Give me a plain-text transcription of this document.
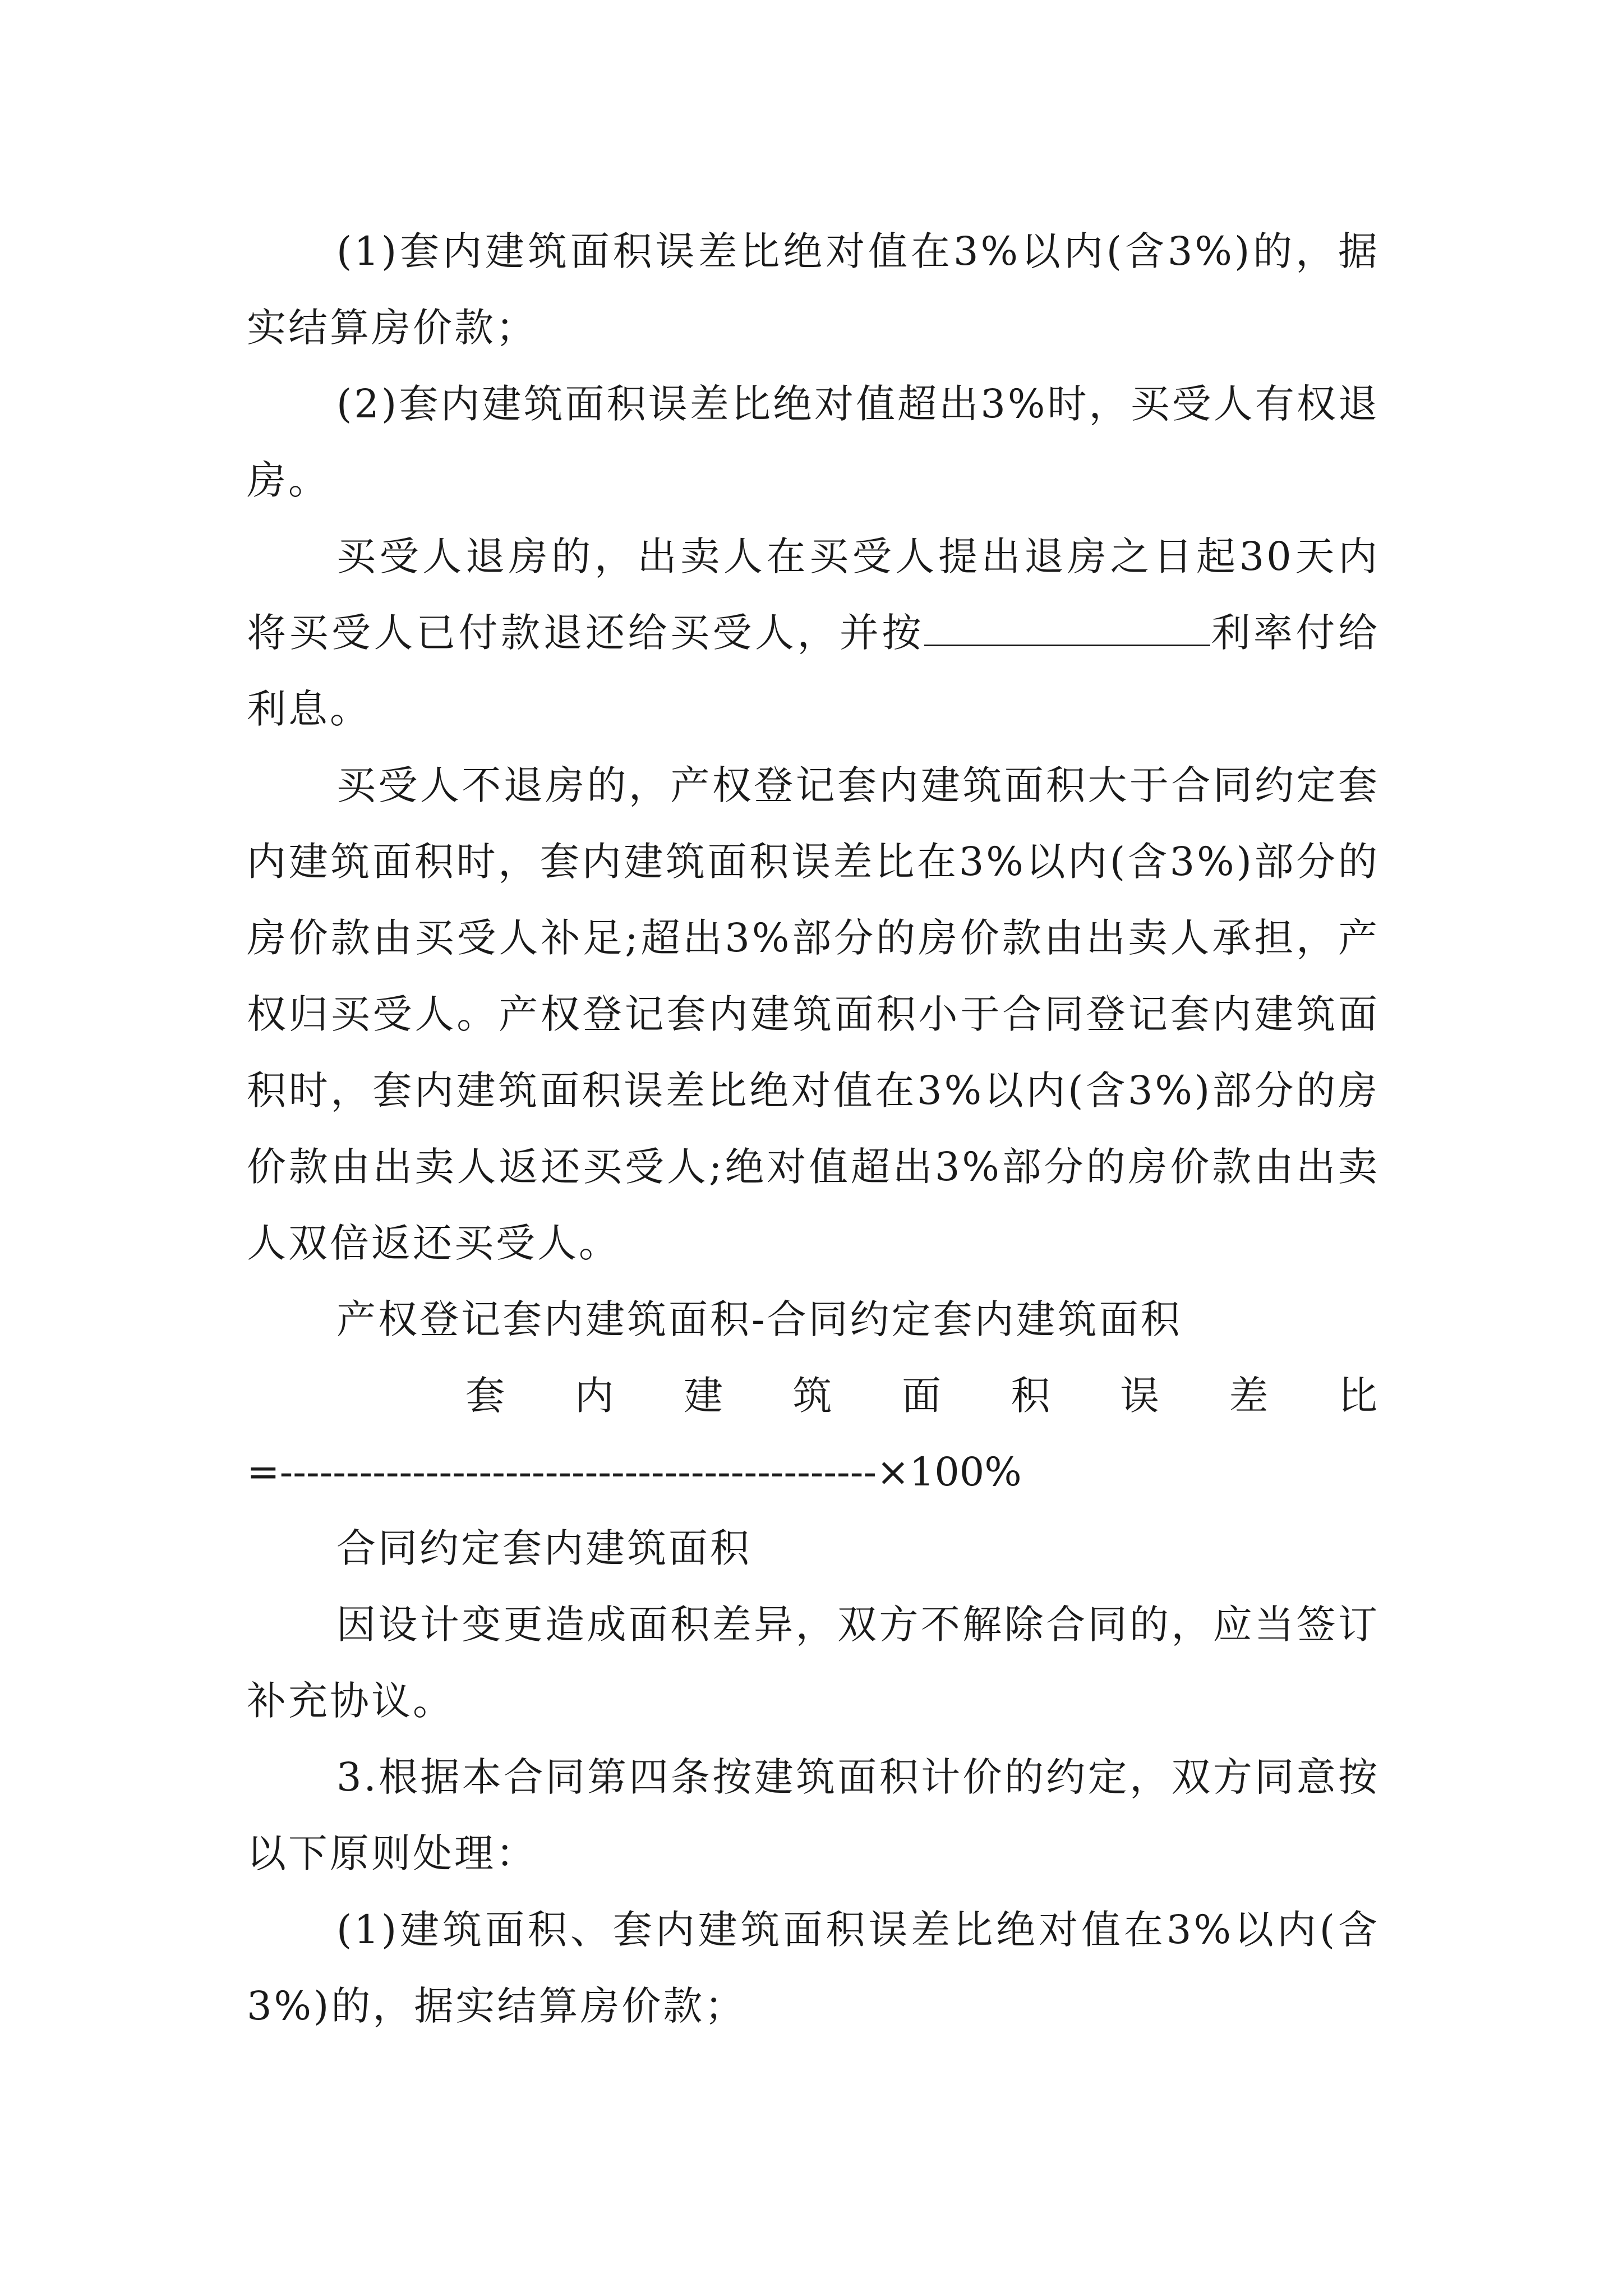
(1)套内建筑面积误差比绝对值在3%以内(含3%)的，据实结算房价款；

(2)套内建筑面积误差比绝对值超出3%时，买受人有权退房。

买受人退房的，出卖人在买受人提出退房之日起30天内将买受人已付款退还给买受人，并按	利率付给利息。

买受人不退房的，产权登记套内建筑面积大于合同约定套内建筑面积时，套内建筑面积误差比在3%以内(含3%)部分的房价款由买受人补足;超出3%部分的房价款由出卖人承担，产权归买受人。产权登记套内建筑面积小于合同登记套内建筑面积时，套内建筑面积误差比绝对值在3%以内(含3%)部分的房价款由出卖人返还买受人;绝对值超出3%部分的房价款由出卖人双倍返还买受人。

产权登记套内建筑面积-合同约定套内建筑面积

套 内 建 筑 面 积 误 差 比

=---------------------------------------------×100%

合同约定套内建筑面积

因设计变更造成面积差异，双方不解除合同的，应当签订补充协议。

3.根据本合同第四条按建筑面积计价的约定，双方同意按以下原则处理：

(1)建筑面积、套内建筑面积误差比绝对值在3%以内(含3%)的，据实结算房价款；
